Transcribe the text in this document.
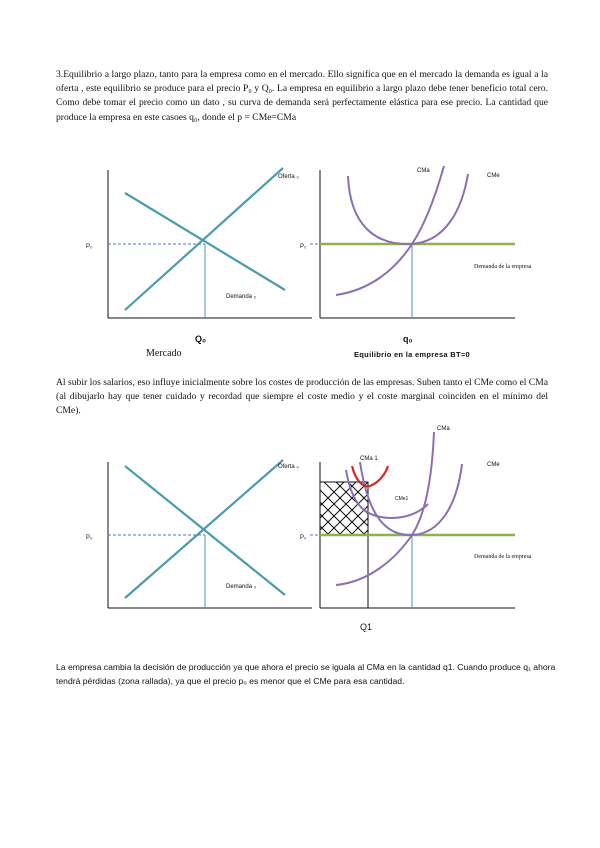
3.Equilibrio a largo plazo, tanto para la empresa como en el mercado. Ello significa que en el mercado la demanda es igual a la oferta , este equilibrio se produce para el precio P₀ y Q₀. La empresa en equilibrio a largo plazo debe tener beneficio total cero. Como debe tomar el precio como un dato , su curva de demanda será perfectamente elástica para ese precio. La cantidad que produce la empresa en este casoes q₀, donde el p = CMe=CMa

P₀
Demanda ₀
Q₀
Oferta ₀
P₀
CMa
CMe
Demanda de la empresa
q₀
Mercado	Equilibrio en la empresa BT=0

Al subir los salarios, eso influye inicialmente sobre los costes de producción de las empresas. Suben tanto el CMe como el CMa (al dibujarlo hay que tener cuidado y recordad que siempre el coste medio y el coste marginal coinciden en el mínimo del CMe).

P₀
Demanda ₀
Oferta ₀
P₀
CMa
CMa 1
CMe
CMe1
Demanda de la empresa
Q1

La empresa cambia la decisión de producción ya que ahora el precio se iguala al CMa en la cantidad q1. Cuando produce q₁ ahora tendrá pérdidas (zona rallada), ya que el precio p₀ es menor que el CMe para esa cantidad.
